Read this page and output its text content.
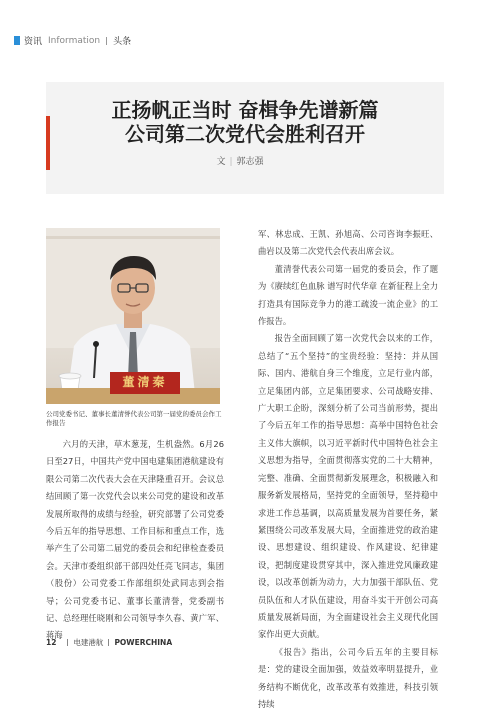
资讯 Information 头条
正扬帆正当时 奋楫争先谱新篇
公司第二次党代会胜利召开
文 | 郭志强
董清秦
公司党委书记、董事长董清誉代表公司第一届党的委员会作工作报告

六月的天津，草木葱茏，生机盎然。6月26日至27日，中国共产党中国电建集团港航建设有限公司第二次代表大会在天津隆重召开。会议总结回顾了第一次党代会以来公司党的建设和改革发展所取得的成绩与经验，研究部署了公司党委今后五年的指导思想、工作目标和重点工作，选举产生了公司第二届党的委员会和纪律检查委员会。天津市委组织部干部四处任亮飞同志，集团（股份）公司党委工作部组织处武同志到会指导；公司党委书记、董事长董清誉，党委副书记、总经理任晓刚和公司领导李久春、黄广军、蒋海

军、林忠成、王凯、孙旭高、公司咨询李振旺、曲岩以及第二次党代会代表出席会议。

董清誉代表公司第一届党的委员会，作了题为《赓续红色血脉 谱写时代华章 在新征程上全力打造具有国际竞争力的港工疏浚一流企业》的工作报告。

报告全面回顾了第一次党代会以来的工作，总结了“五个坚持”的宝贵经验：坚持：并从国际、国内、港航自身三个维度，立足行业内部，立足集团内部，立足集团要求、公司战略安排、广大职工企盼，深刻分析了公司当前形势，提出了今后五年工作的指导思想：高举中国特色社会主义伟大旗帜，以习近平新时代中国特色社会主义思想为指导，全面贯彻落实党的二十大精神，完整、准确、全面贯彻新发展理念，积极融入和服务新发展格局，坚持党的全面领导，坚持稳中求进工作总基调，以高质量发展为首要任务，紧紧围绕公司改革发展大局，全面推进党的政治建设、思想建设、组织建设、作风建设、纪律建设，把制度建设贯穿其中，深入推进党风廉政建设，以改革创新为动力，大力加强干部队伍、党员队伍和人才队伍建设，用奋斗实干开创公司高质量发展新局面，为全面建设社会主义现代化国家作出更大贡献。

《报告》指出，公司今后五年的主要目标是：党的建设全面加强，效益效率明显提升，业务结构不断优化，改革改革有效推进，科技引领持续

12 电建港航 POWERCHINA
